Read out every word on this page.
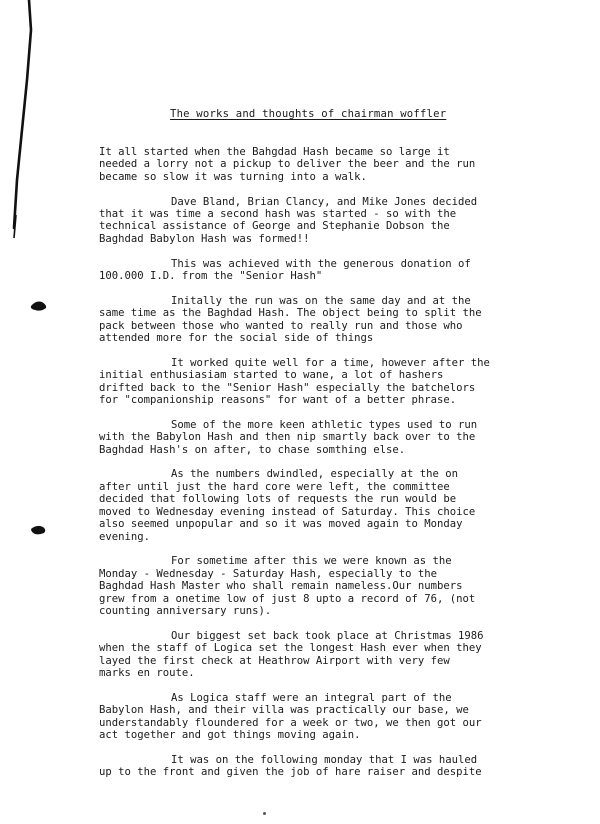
The works and thoughts of chairman woffler
It all started when the Bahgdad Hash became so large it
needed a lorry not a pickup to deliver the beer and the run
became so slow it was turning into a walk.
Dave Bland, Brian Clancy, and Mike Jones decided
that it was time a second hash was started - so with the
technical assistance of George and Stephanie Dobson the
Baghdad Babylon Hash was formed!!
This was achieved with the generous donation of
100.000 I.D. from the "Senior Hash"
Initally the run was on the same day and at the
same time as the Baghdad Hash. The object being to split the
pack between those who wanted to really run and those who
attended more for the social side of things
It worked quite well for a time, however after the
initial enthusiasiam started to wane, a lot of hashers
drifted back to the "Senior Hash" especially the batchelors
for "companionship reasons" for want of a better phrase.
Some of the more keen athletic types used to run
with the Babylon Hash and then nip smartly back over to the
Baghdad Hash's on after, to chase somthing else.
As the numbers dwindled, especially at the on
after until just the hard core were left, the committee
decided that following lots of requests the run would be
moved to Wednesday evening instead of Saturday. This choice
also seemed unpopular and so it was moved again to Monday
evening.
For sometime after this we were known as the
Monday - Wednesday - Saturday Hash, especially to the
Baghdad Hash Master who shall remain nameless.Our numbers
grew from a onetime low of just 8 upto a record of 76, (not
counting anniversary runs).
Our biggest set back took place at Christmas 1986
when the staff of Logica set the longest Hash ever when they
layed the first check at Heathrow Airport with very few
marks en route.
As Logica staff were an integral part of the
Babylon Hash, and their villa was practically our base, we
understandably floundered for a week or two, we then got our
act together and got things moving again.
It was on the following monday that I was hauled
up to the front and given the job of hare raiser and despite
